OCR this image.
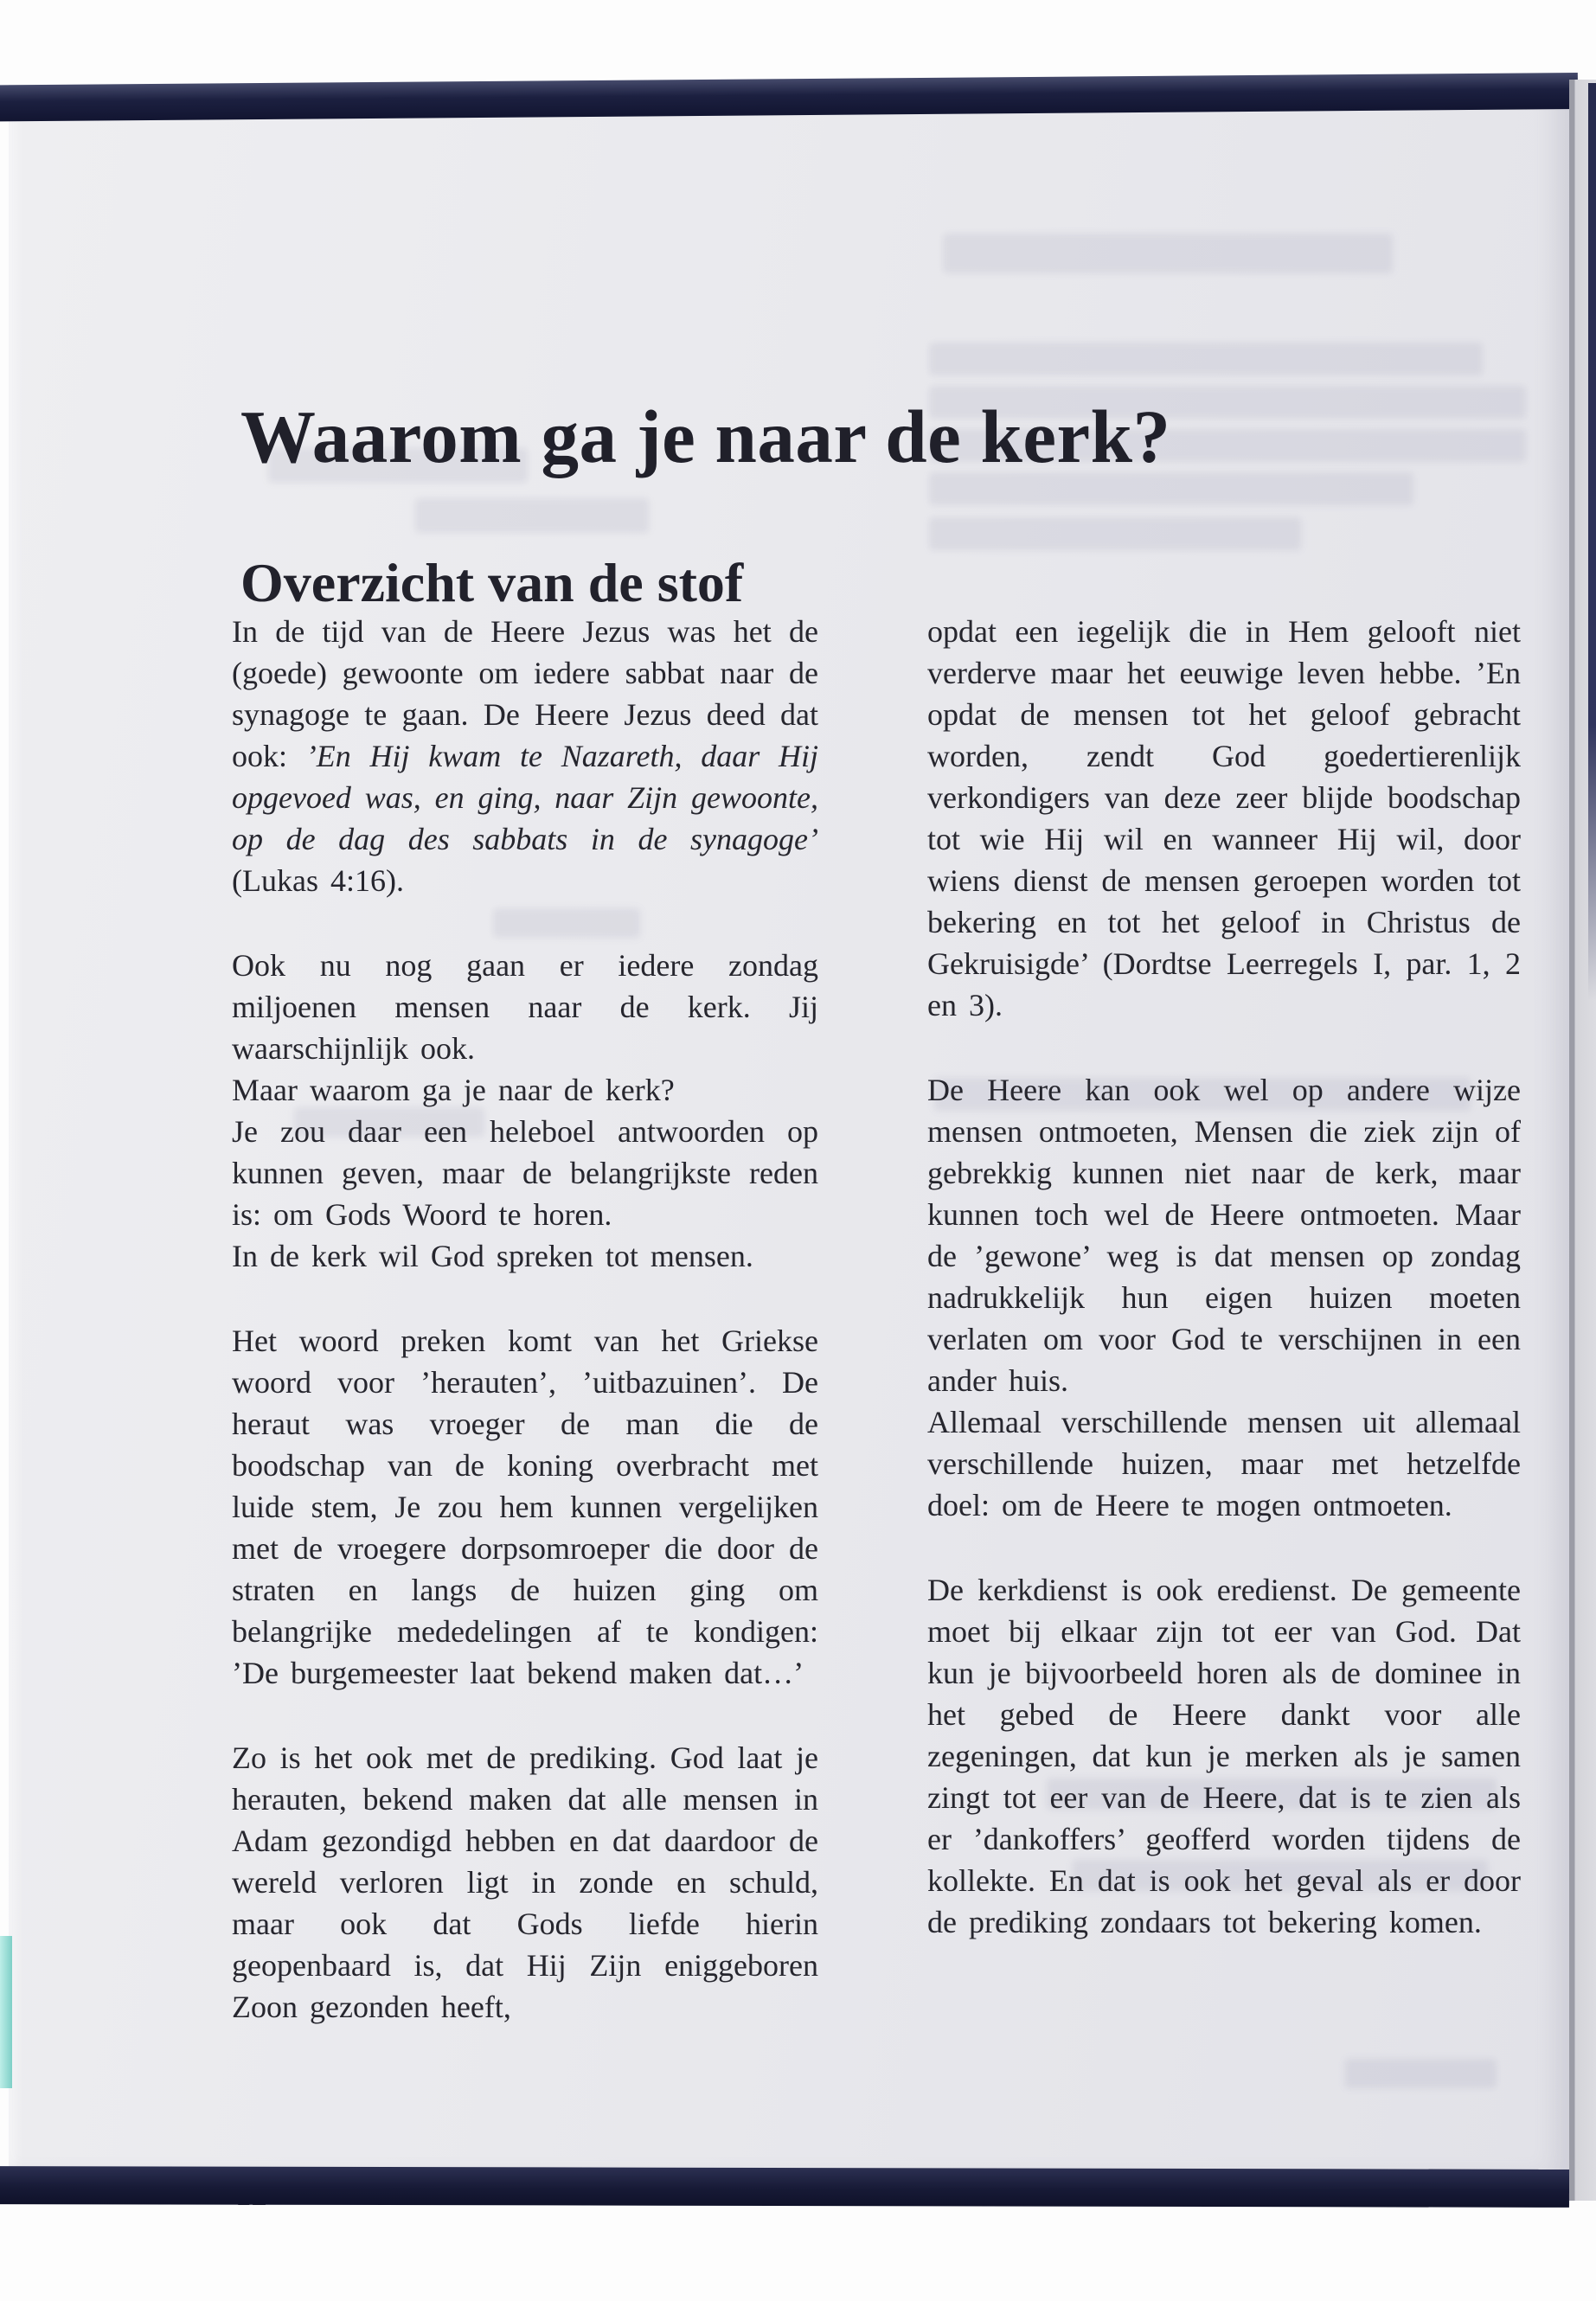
Waarom ga je naar de kerk?
Overzicht van de stof

In de tijd van de Heere Jezus was het de (goede) gewoonte om iedere sabbat naar de synagoge te gaan. De Heere Jezus deed dat ook: ’En Hij kwam te Nazareth, daar Hij opgevoed was, en ging, naar Zijn gewoonte, op de dag des sabbats in de synagoge’ (Lukas 4:16).

Ook nu nog gaan er iedere zondag miljoenen mensen naar de kerk. Jij waarschijnlijk ook.

Maar waarom ga je naar de kerk?

Je zou daar een heleboel antwoorden op kunnen geven, maar de belangrijkste reden is: om Gods Woord te horen.

In de kerk wil God spreken tot mensen.

Het woord preken komt van het Griekse woord voor ’herauten’, ’uitbazuinen’. De heraut was vroeger de man die de boodschap van de koning overbracht met luide stem, Je zou hem kunnen vergelijken met de vroegere dorpsomroeper die door de straten en langs de huizen ging om belangrijke mededelingen af te kondigen: ’De burgemeester laat bekend maken dat…’

Zo is het ook met de prediking. God laat je herauten, bekend maken dat alle mensen in Adam gezondigd hebben en dat daardoor de wereld verloren ligt in zonde en schuld, maar ook dat Gods liefde hierin geopenbaard is, dat Hij Zijn eniggeboren Zoon gezonden heeft,

opdat een iegelijk die in Hem gelooft niet verderve maar het eeuwige leven hebbe. ’En opdat de mensen tot het geloof gebracht worden, zendt God goedertierenlijk verkondigers van deze zeer blijde boodschap tot wie Hij wil en wanneer Hij wil, door wiens dienst de mensen geroepen worden tot bekering en tot het geloof in Christus de Gekruisigde’ (Dordtse Leerregels I, par. 1, 2 en 3).

De Heere kan ook wel op andere wijze mensen ontmoeten, Mensen die ziek zijn of gebrekkig kunnen niet naar de kerk, maar kunnen toch wel de Heere ontmoeten. Maar de ’gewone’ weg is dat mensen op zondag nadrukkelijk hun eigen huizen moeten verlaten om voor God te verschijnen in een ander huis.

Allemaal verschillende mensen uit allemaal verschillende huizen, maar met hetzelfde doel: om de Heere te mogen ontmoeten.

De kerkdienst is ook eredienst. De gemeente moet bij elkaar zijn tot eer van God. Dat kun je bijvoorbeeld horen als de dominee in het gebed de Heere dankt voor alle zegeningen, dat kun je merken als je samen zingt tot eer van de Heere, dat is te zien als er ’dankoffers’ geofferd worden tijdens de kollekte. En dat is ook het geval als er door de prediking zondaars tot bekering komen.
